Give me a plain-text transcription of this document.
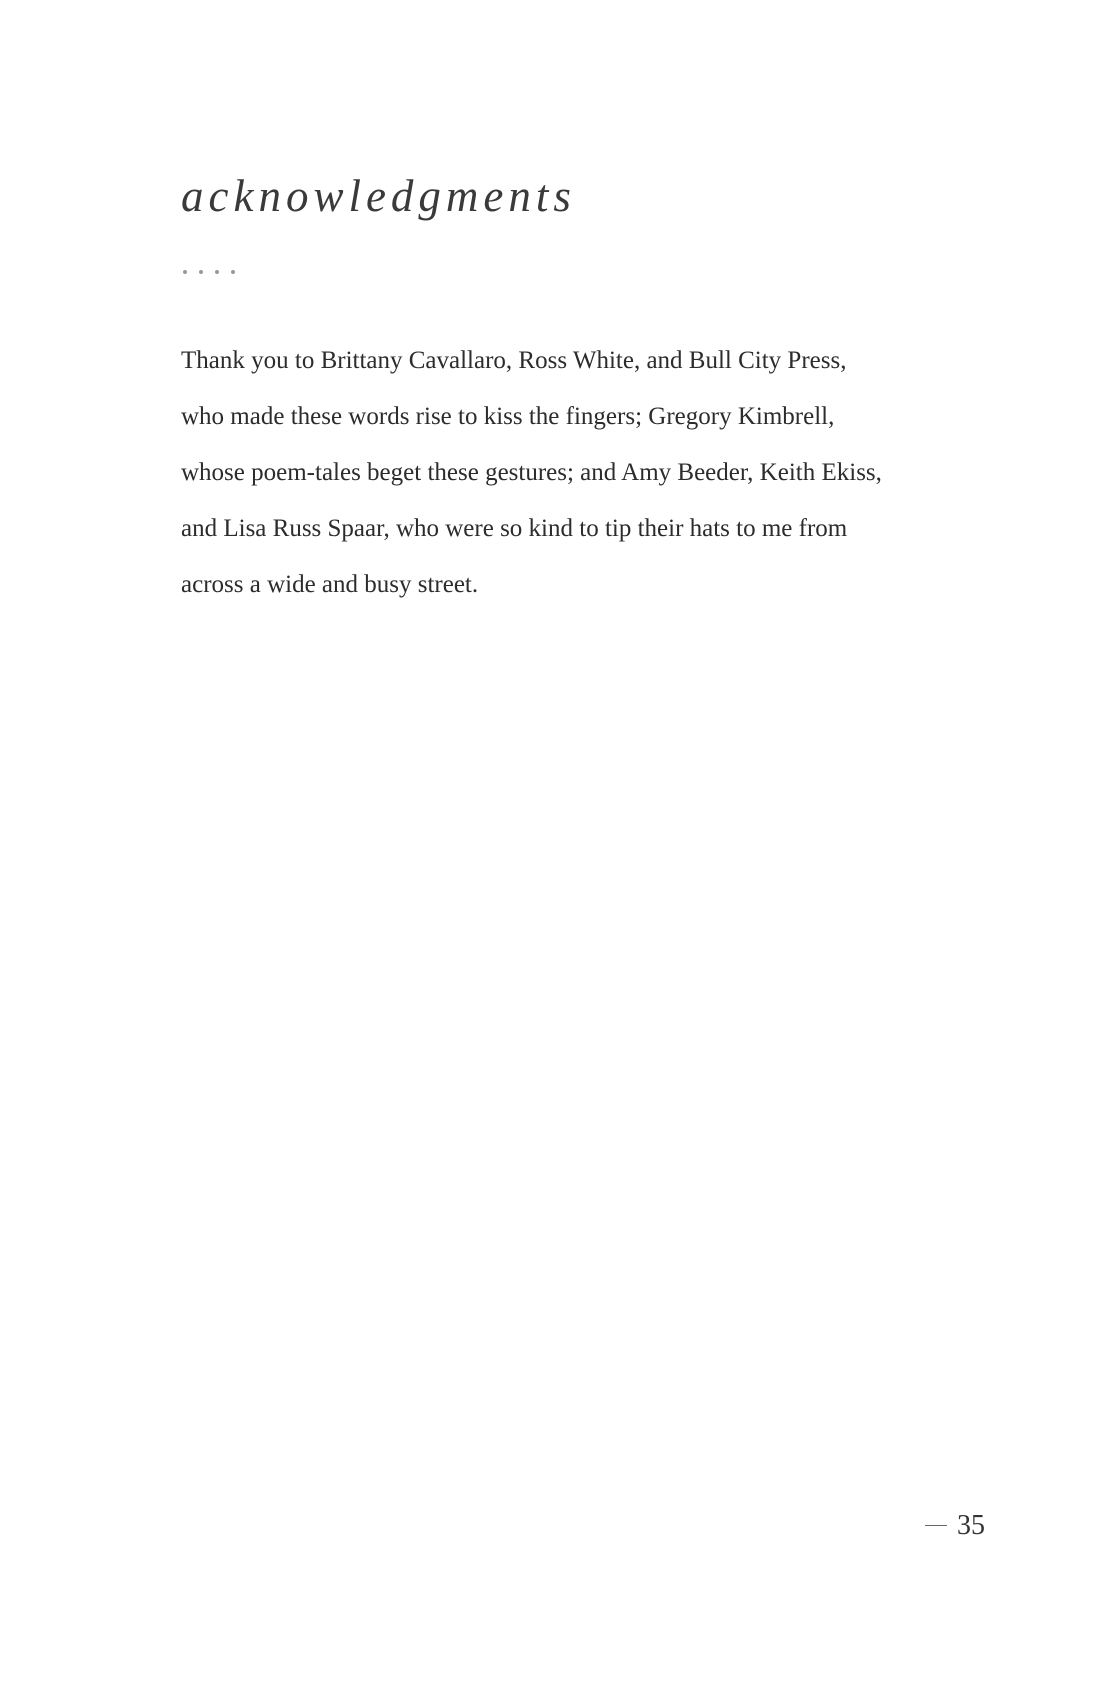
acknowledgments

Thank you to Brittany Cavallaro, Ross White, and Bull City Press,
who made these words rise to kiss the fingers; Gregory Kimbrell,
whose poem-tales beget these gestures; and Amy Beeder, Keith Ekiss,
and Lisa Russ Spaar, who were so kind to tip their hats to me from
across a wide and busy street.

35
